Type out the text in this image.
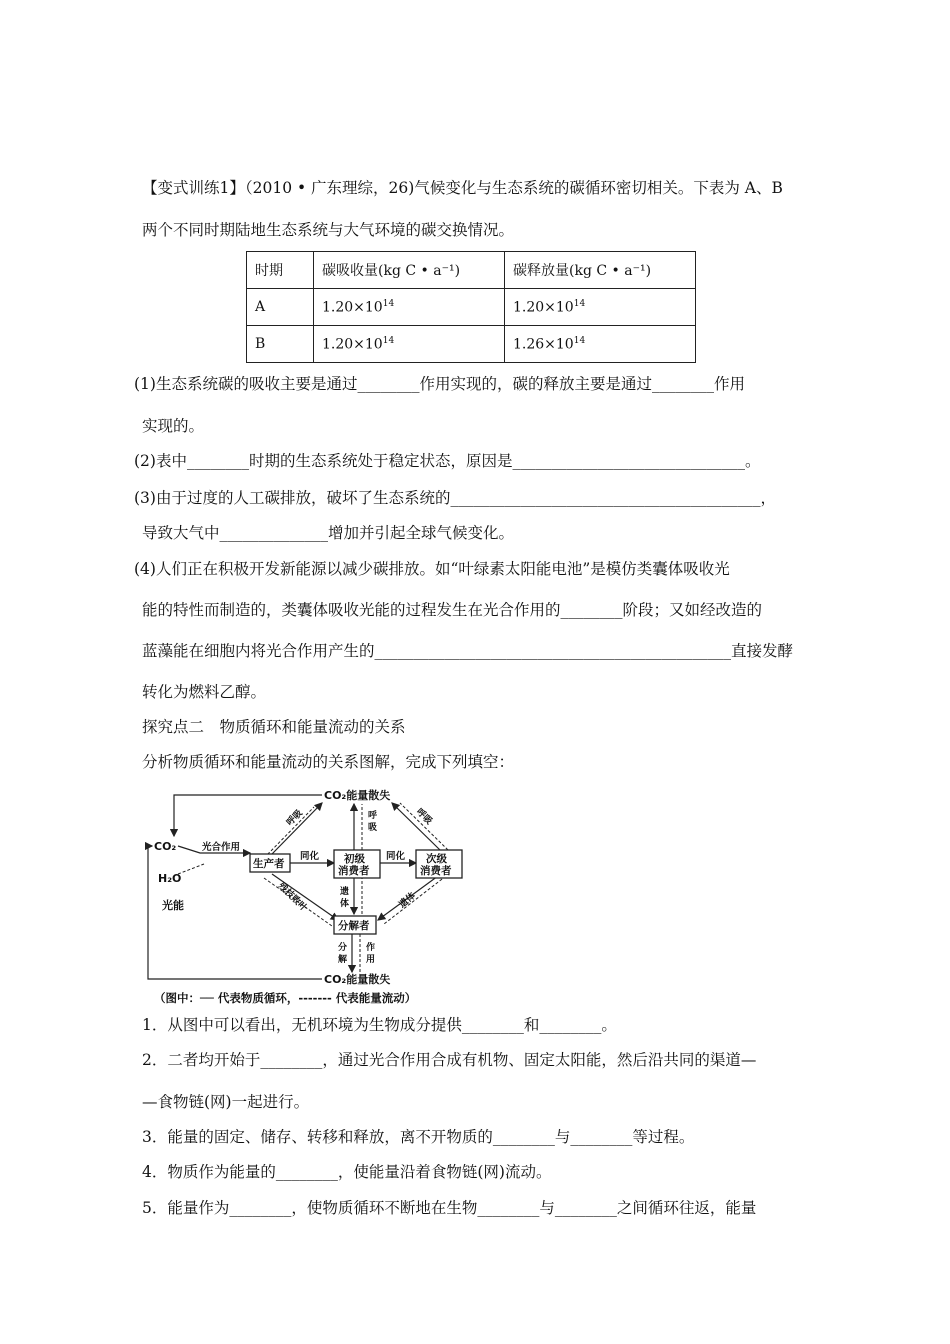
【变式训练1】（2010 • 广东理综，26)气候变化与生态系统的碳循环密切相关。下表为 A、B
两个不同时期陆地生态系统与大气环境的碳交换情况。
时期	碳吸收量(kg C • a⁻¹)	碳释放量(kg C • a⁻¹)
A	$1.20\times 10^{14}$	$1.20\times 10^{14}$
B	$1.20\times 10^{14}$	$1.26\times 10^{14}$
(1)生态系统碳的吸收主要是通过________作用实现的，碳的释放主要是通过________作用
实现的。
(2)表中________时期的生态系统处于稳定状态，原因是______________________________。
(3)由于过度的人工碳排放，破坏了生态系统的________________________________________，
导致大气中______________增加并引起全球气候变化。
(4)人们正在积极开发新能源以减少碳排放。如“叶绿素太阳能电池”是模仿类囊体吸收光
能的特性而制造的，类囊体吸收光能的过程发生在光合作用的________阶段；又如经改造的
蓝藻能在细胞内将光合作用产生的______________________________________________直接发酵
转化为燃料乙醇。
探究点二　物质循环和能量流动的关系
分析物质循环和能量流动的关系图解，完成下列填空：
CO₂能量散失
CO₂能量散失
CO₂
H₂O
光能
光合作用
生产者	初级
消费者
次级
消费者
分解者
同化	同化
呼吸	呼
吸
呼吸
残枝败叶	遗
体	遗体
分
解
作
用
（图中：── 代表物质循环，------- 代表能量流动）
1．从图中可以看出，无机环境为生物成分提供________和________。
2．二者均开始于________，通过光合作用合成有机物、固定太阳能，然后沿共同的渠道—
—食物链(网)一起进行。
3．能量的固定、储存、转移和释放，离不开物质的________与________等过程。
4．物质作为能量的________，使能量沿着食物链(网)流动。
5．能量作为________，使物质循环不断地在生物________与________之间循环往返，能量
